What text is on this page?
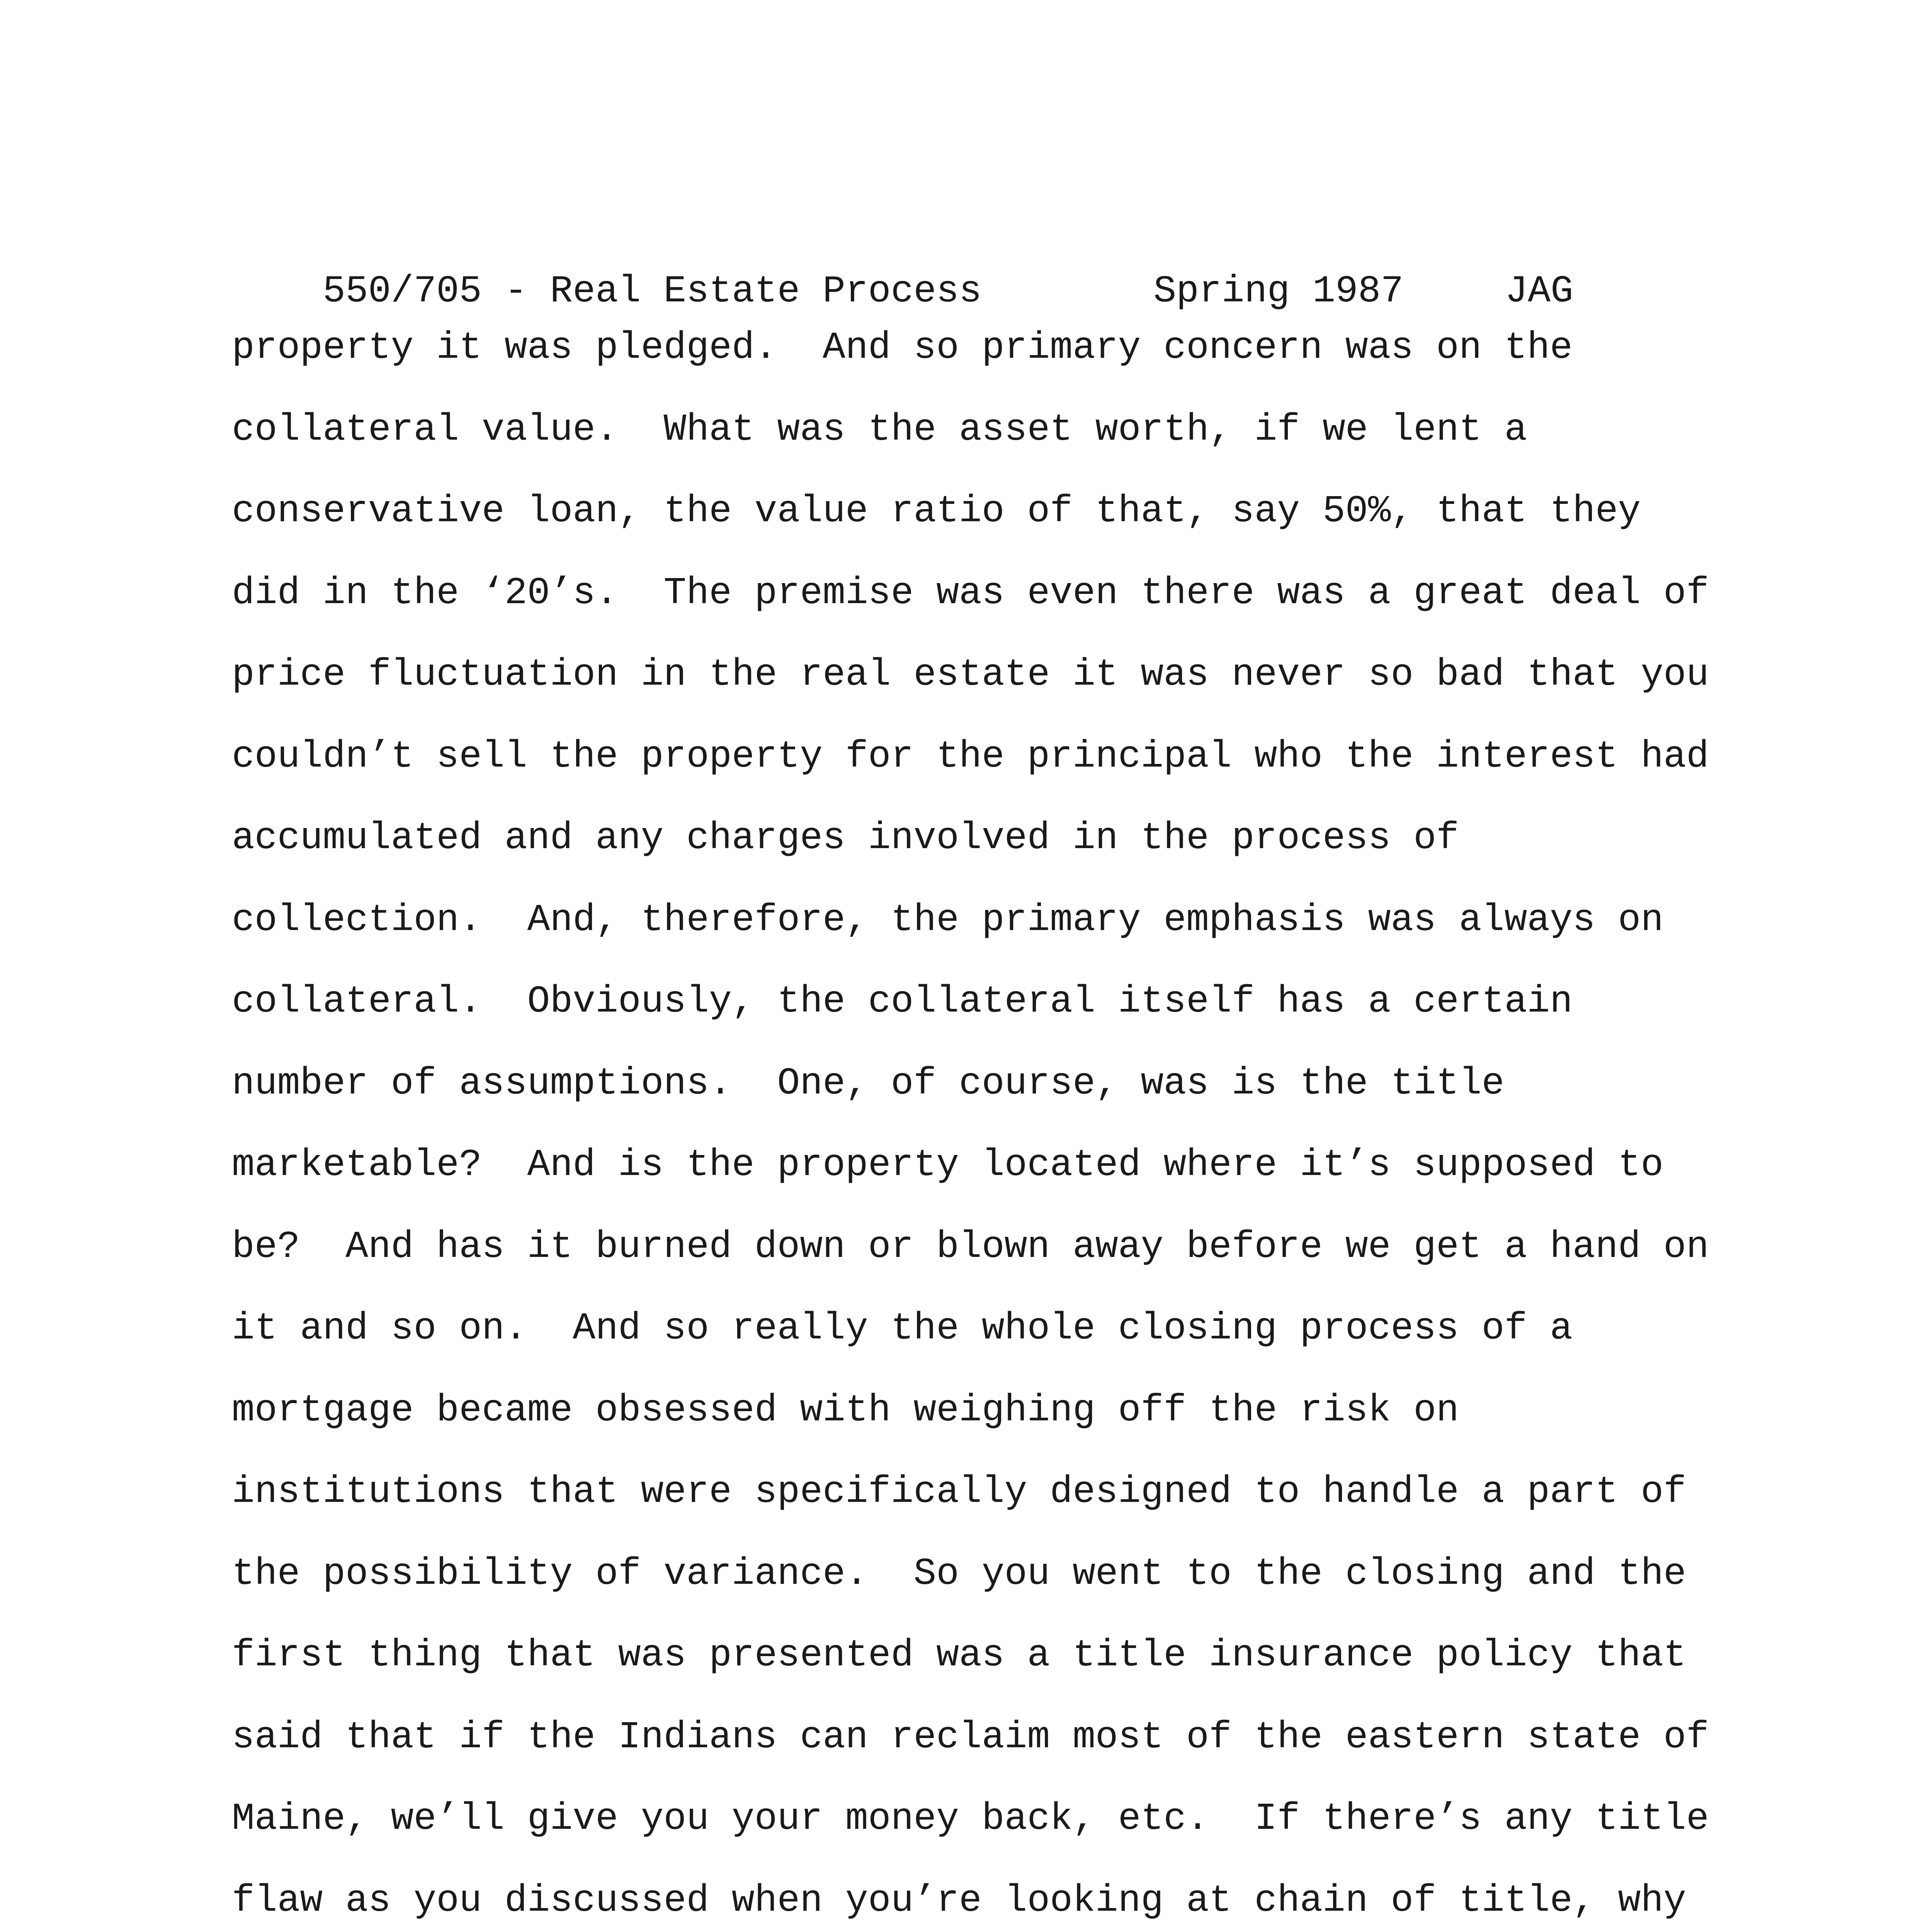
550/705 - Real Estate Process	Spring 1987	JAG

property it was pledged.  And so primary concern was on the
collateral value.  What was the asset worth, if we lent a
conservative loan, the value ratio of that, say 50%, that they
did in the ‘20’s.  The premise was even there was a great deal of
price fluctuation in the real estate it was never so bad that you
couldn’t sell the property for the principal who the interest had
accumulated and any charges involved in the process of
collection.  And, therefore, the primary emphasis was always on
collateral.  Obviously, the collateral itself has a certain
number of assumptions.  One, of course, was is the title
marketable?  And is the property located where it’s supposed to
be?  And has it burned down or blown away before we get a hand on
it and so on.  And so really the whole closing process of a
mortgage became obsessed with weighing off the risk on
institutions that were specifically designed to handle a part of
the possibility of variance.  So you went to the closing and the
first thing that was presented was a title insurance policy that
said that if the Indians can reclaim most of the eastern state of
Maine, we’ll give you your money back, etc.  If there’s any title
flaw as you discussed when you’re looking at chain of title, why
